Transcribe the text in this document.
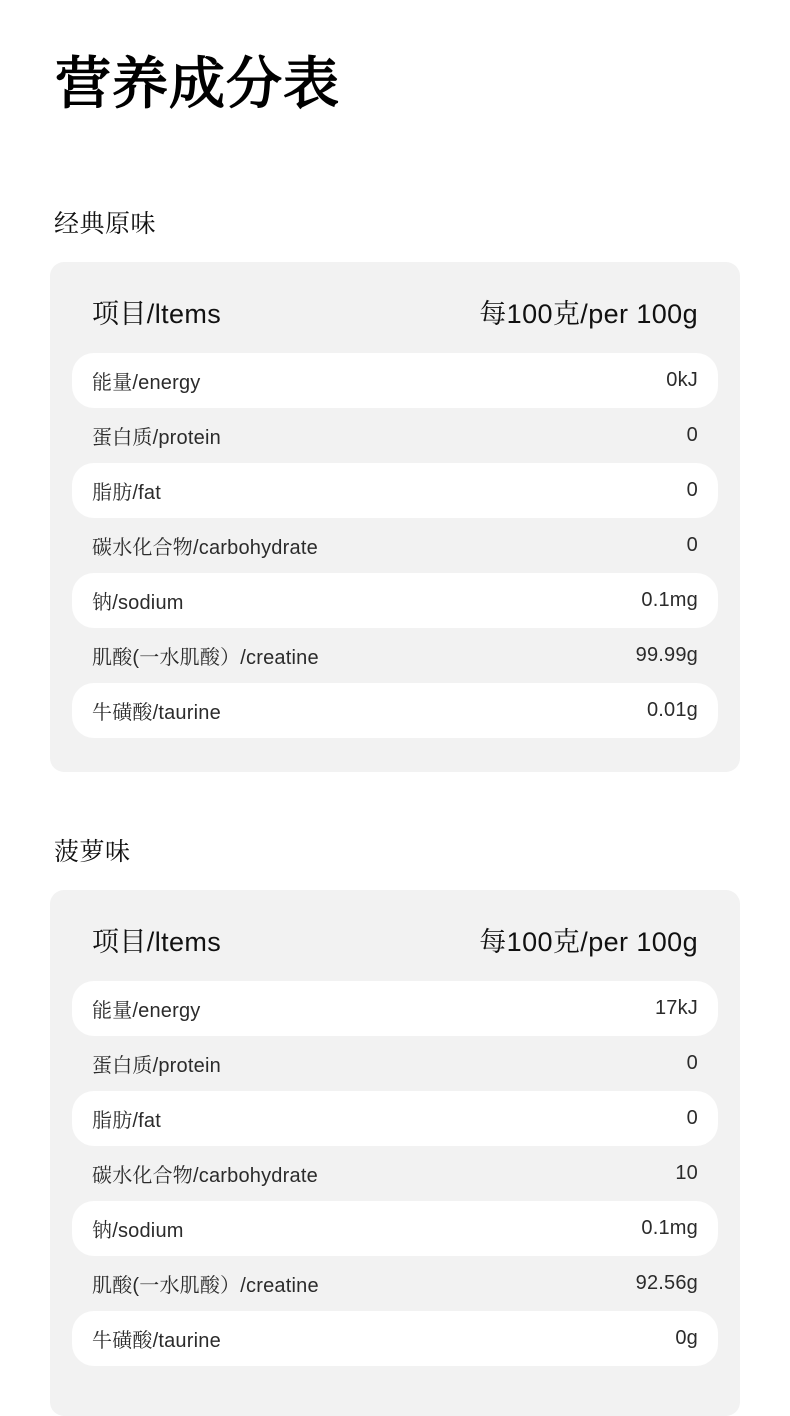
营养成分表
经典原味
项目/ltems	每100克/per 100g
能量/energy	0kJ
蛋白质/protein	0
脂肪/fat	0
碳水化合物/carbohydrate	0
钠/sodium	0.1mg
肌酸(一水肌酸）/creatine	99.99g
牛磺酸/taurine	0.01g
菠萝味
项目/ltems	每100克/per 100g
能量/energy	17kJ
蛋白质/protein	0
脂肪/fat	0
碳水化合物/carbohydrate	10
钠/sodium	0.1mg
肌酸(一水肌酸）/creatine	92.56g
牛磺酸/taurine	0g
